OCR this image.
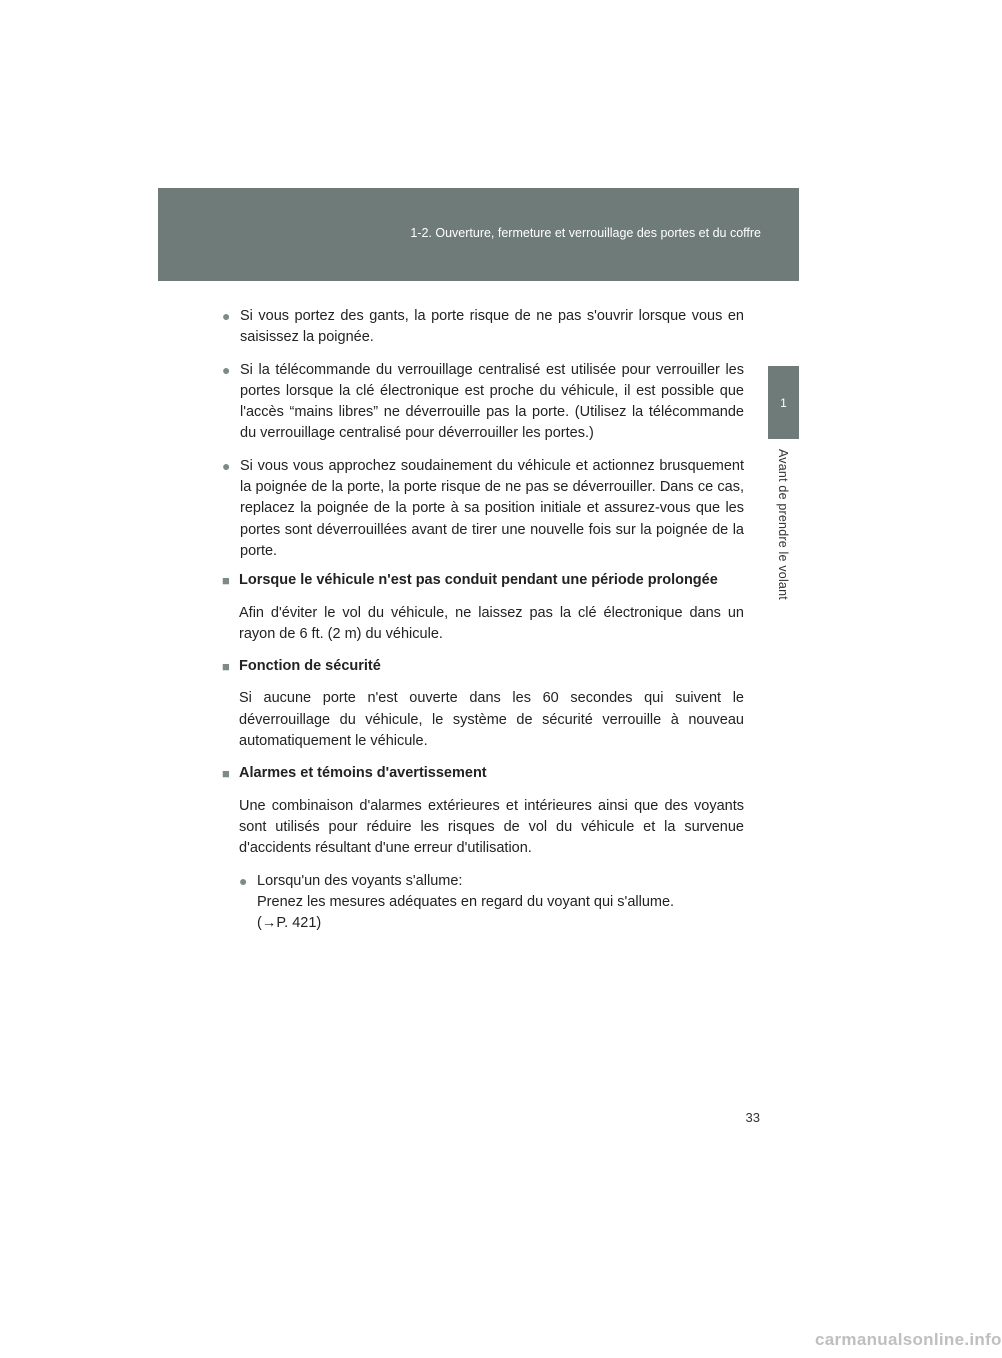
1-2. Ouverture, fermeture et verrouillage des portes et du coffre
1
Avant de prendre le volant
● Si vous portez des gants, la porte risque de ne pas s'ouvrir lorsque vous en saisissez la poignée.
● Si la télécommande du verrouillage centralisé est utilisée pour verrouiller les portes lorsque la clé électronique est proche du véhicule, il est possible que l'accès “mains libres” ne déverrouille pas la porte. (Utilisez la télécommande du verrouillage centralisé pour déverrouiller les portes.)
● Si vous vous approchez soudainement du véhicule et actionnez brusquement la poignée de la porte, la porte risque de ne pas se déverrouiller. Dans ce cas, replacez la poignée de la porte à sa position initiale et assurez-vous que les portes sont déverrouillées avant de tirer une nouvelle fois sur la poignée de la porte.
■ Lorsque le véhicule n'est pas conduit pendant une période prolongée
Afin d'éviter le vol du véhicule, ne laissez pas la clé électronique dans un rayon de 6 ft. (2 m) du véhicule.
■ Fonction de sécurité
Si aucune porte n'est ouverte dans les 60 secondes qui suivent le déverrouillage du véhicule, le système de sécurité verrouille à nouveau automatiquement le véhicule.
■ Alarmes et témoins d'avertissement
Une combinaison d'alarmes extérieures et intérieures ainsi que des voyants sont utilisés pour réduire les risques de vol du véhicule et la survenue d'accidents résultant d'une erreur d'utilisation.
● Lorsqu'un des voyants s'allume:
Prenez les mesures adéquates en regard du voyant qui s'allume.
(→P. 421)
33
carmanualsonline.info
